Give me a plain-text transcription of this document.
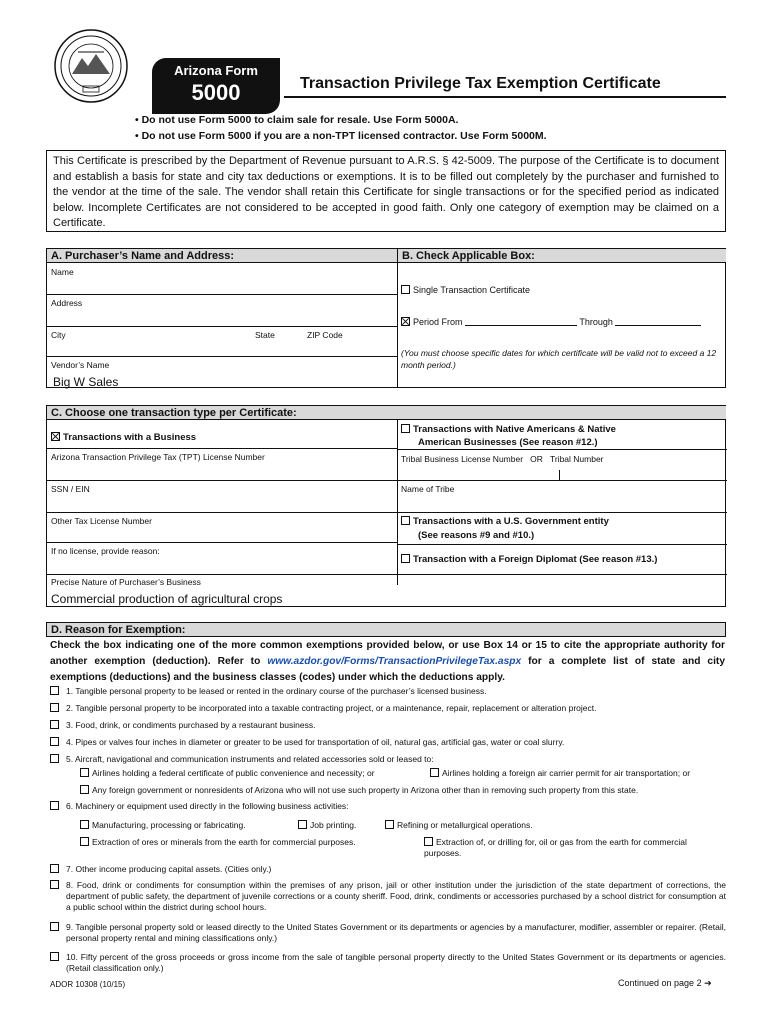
Arizona Form
5000	Transaction Privilege Tax Exemption Certificate
• Do not use Form 5000 to claim sale for resale. Use Form 5000A.
• Do not use Form 5000 if you are a non-TPT licensed contractor. Use Form 5000M.
This Certificate is prescribed by the Department of Revenue pursuant to A.R.S. § 42-5009. The purpose of the Certificate is to document and establish a basis for state and city tax deductions or exemptions. It is to be filled out completely by the purchaser and furnished to the vendor at the time of the sale. The vendor shall retain this Certificate for single transactions or for the specified period as indicated below. Incomplete Certificates are not considered to be accepted in good faith. Only one category of exemption may be claimed on a Certificate.
A. Purchaser’s Name and Address:	B. Check Applicable Box:
Name
Address
City	State	ZIP Code
Vendor’s Name
Big W Sales
Single Transaction Certificate
Period From	Through
(You must choose specific dates for which certificate will be valid not to exceed a 12 month period.)
C. Choose one transaction type per Certificate:
Transactions with a Business
Arizona Transaction Privilege Tax (TPT) License Number
SSN / EIN
Other Tax License Number
If no license, provide reason:
Transactions with Native Americans & Native
American Businesses (See reason #12.)
Tribal Business License Number OR Tribal Number
Name of Tribe
Transactions with a U.S. Government entity
(See reasons #9 and #10.)
Transaction with a Foreign Diplomat (See reason #13.)
Precise Nature of Purchaser’s Business
Commercial production of agricultural crops
D. Reason for Exemption:
Check the box indicating one of the more common exemptions provided below, or use Box 14 or 15 to cite the appropriate authority for another exemption (deduction). Refer to www.azdor.gov/Forms/TransactionPrivilegeTax.aspx for a complete list of state and city exemptions (deductions) and the business classes (codes) under which the deductions apply.
1. Tangible personal property to be leased or rented in the ordinary course of the purchaser’s licensed business.
2. Tangible personal property to be incorporated into a taxable contracting project, or a maintenance, repair, replacement or alteration project.
3. Food, drink, or condiments purchased by a restaurant business.
4. Pipes or valves four inches in diameter or greater to be used for transportation of oil, natural gas, artificial gas, water or coal slurry.
5. Aircraft, navigational and communication instruments and related accessories sold or leased to:
Airlines holding a federal certificate of public convenience and necessity; or	Airlines holding a foreign air carrier permit for air transportation; or
Any foreign government or nonresidents of Arizona who will not use such property in Arizona other than in removing such property from this state.
6. Machinery or equipment used directly in the following business activities:
Manufacturing, processing or fabricating.	Job printing.	Refining or metallurgical operations.
Extraction of ores or minerals from the earth for commercial purposes.	Extraction of, or drilling for, oil or gas from the earth for commercial purposes.
7. Other income producing capital assets. (Cities only.)
8. Food, drink or condiments for consumption within the premises of any prison, jail or other institution under the jurisdiction of the state department of corrections, the department of public safety, the department of juvenile corrections or a county sheriff. Food, drink, condiments or accessories purchased by a school district for consumption at a public school within the district during school hours.
9. Tangible personal property sold or leased directly to the United States Government or its departments or agencies by a manufacturer, modifier, assembler or repairer. (Retail, personal property rental and mining classifications only.)
10. Fifty percent of the gross proceeds or gross income from the sale of tangible personal property directly to the United States Government or its departments or agencies. (Retail classification only.)
ADOR 10308 (10/15)	Continued on page 2 ➔
